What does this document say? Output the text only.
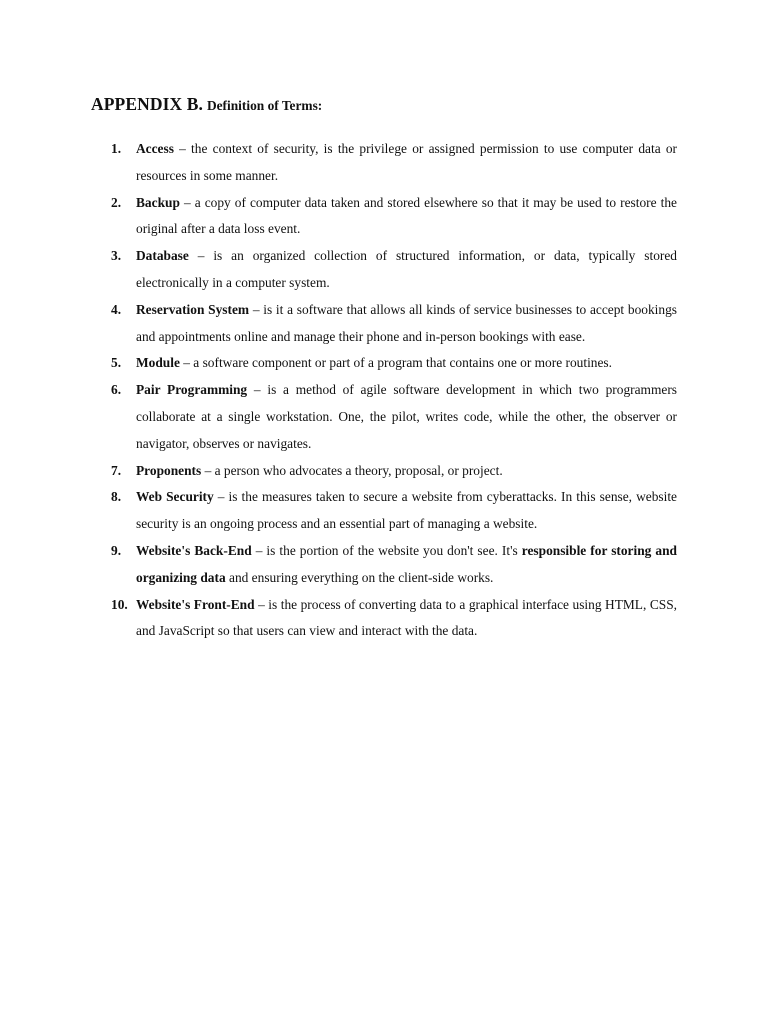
APPENDIX B. Definition of Terms:
1. Access – the context of security, is the privilege or assigned permission to use computer data or resources in some manner.
2. Backup – a copy of computer data taken and stored elsewhere so that it may be used to restore the original after a data loss event.
3. Database – is an organized collection of structured information, or data, typically stored electronically in a computer system.
4. Reservation System – is it a software that allows all kinds of service businesses to accept bookings and appointments online and manage their phone and in-person bookings with ease.
5. Module – a software component or part of a program that contains one or more routines.
6. Pair Programming – is a method of agile software development in which two programmers collaborate at a single workstation. One, the pilot, writes code, while the other, the observer or navigator, observes or navigates.
7. Proponents – a person who advocates a theory, proposal, or project.
8. Web Security – is the measures taken to secure a website from cyberattacks. In this sense, website security is an ongoing process and an essential part of managing a website.
9. Website's Back-End – is the portion of the website you don't see. It's responsible for storing and organizing data and ensuring everything on the client-side works.
10. Website's Front-End – is the process of converting data to a graphical interface using HTML, CSS, and JavaScript so that users can view and interact with the data.
